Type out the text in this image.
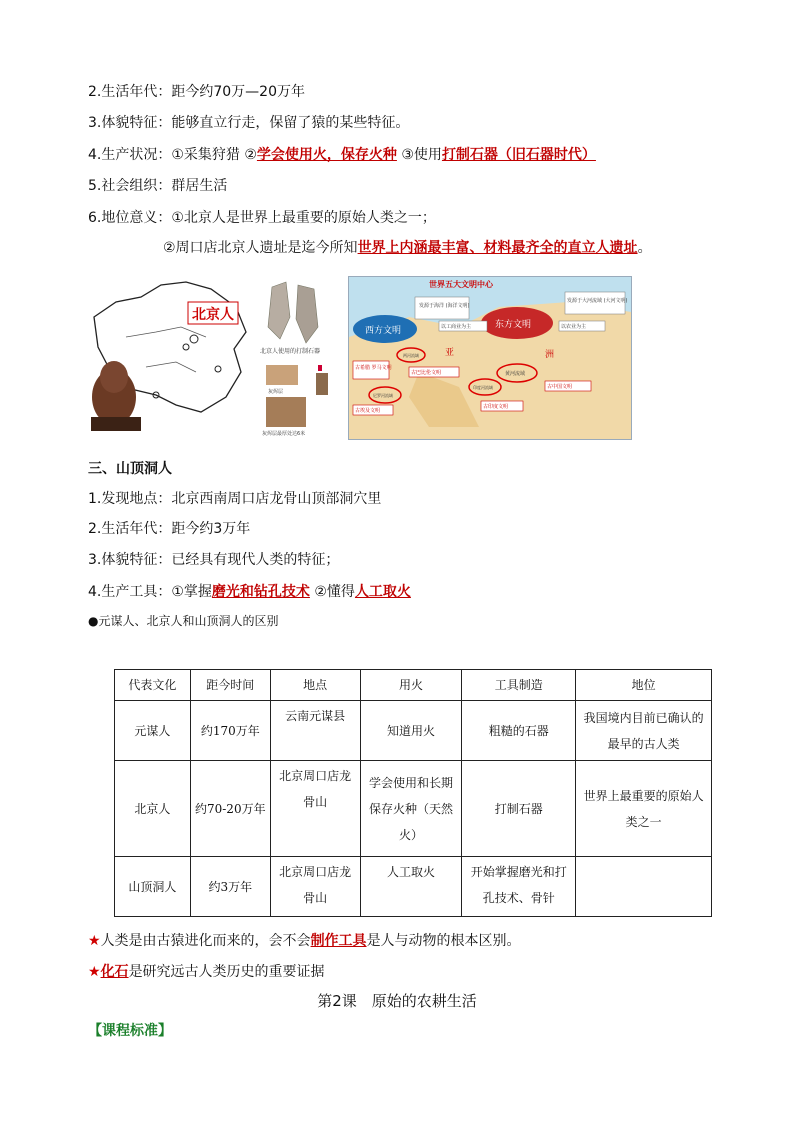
2.生活年代：距今约70万—20万年
3.体貌特征：能够直立行走，保留了猿的某些特征。
4.生产状况：①采集狩猎 ②学会使用火，保存火种 ③使用打制石器（旧石器时代）
5.社会组织：群居生活
6.地位意义：①北京人是世界上最重要的原始人类之一；
②周口店北京人遗址是迄今所知世界上内涵最丰富、材料最齐全的直立人遗址。
北京人
北京人使用的打制石器
灰烬层
灰烬层最厚处达6米
世界五大文明中心
西方文明
东方文明
发源于海洋 (海洋文明)
以工商业为主
发源于大河流域 (大河文明)
以农业为主
亚	洲
两河流域
黄河流域
尼罗河流域
印度河流域
古希腊 罗马文明
古巴比伦文明
古中国文明
古埃及文明
古印度文明
三、山顶洞人
1.发现地点：北京西南周口店龙骨山顶部洞穴里
2.生活年代：距今约3万年
3.体貌特征：已经具有现代人类的特征；
4.生产工具：①掌握磨光和钻孔技术 ②懂得人工取火
●元谋人、北京人和山顶洞人的区别
代表文化	距今时间	地点	用火	工具制造	地位
元谋人	约170万年	云南元谋县	知道用火	粗糙的石器	我国境内目前已确认的最早的古人类
北京人	约70-20万年	北京周口店龙骨山	学会使用和长期保存火种（天然火）	打制石器	世界上最重要的原始人类之一
山顶洞人	约3万年	北京周口店龙骨山	人工取火	开始掌握磨光和打孔技术、骨针	
★人类是由古猿进化而来的，会不会制作工具是人与动物的根本区别。
★化石是研究远古人类历史的重要证据
第2课　原始的农耕生活
【课程标准】
